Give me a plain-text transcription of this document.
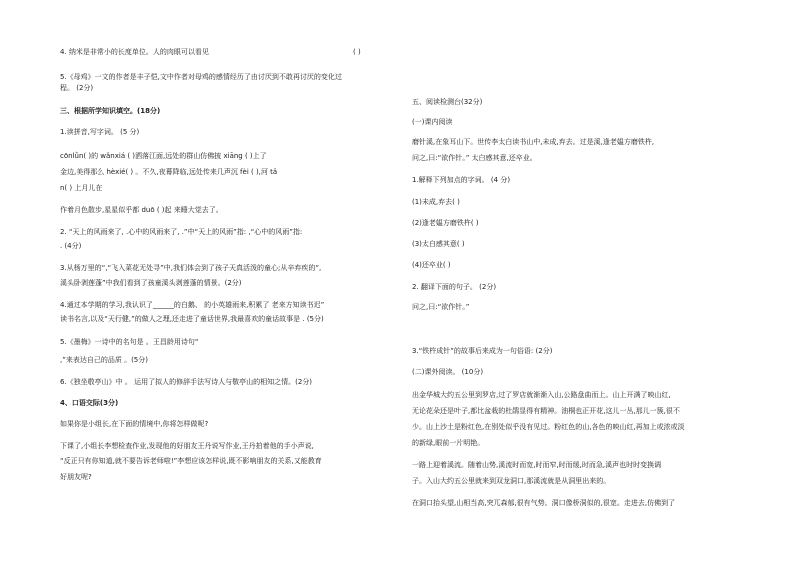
4. 纳米是非常小的长度单位。人的肉眼可以看见	( )
5.《母鸡》一文的作者是丰子恺,文中作者对母鸡的感情经历了由讨厌到不敢再讨厌的变化过
程。 (2分)
三、根据所学知识填空。(18分)
1.读拼音,写字词。 (5 分)
cōnlǜn( )的 wǎnxiá ( )洒落江面,远处的群山仿佛披 xiāng ( )上了
金边,美得那么 hèxié( ) 。不久,夜幕降临,远处传来几声沉 fèi ( ),河 tǎ
n( ) 上月儿在
作着月色散步,星星似乎都 duō ( )起 来睡大觉去了。
2. “天上的风雨来了, .心中的风雨来了, .”中“天上的风雨”指: ,“心中的风雨”指:
. (4分)
3.从杨万里的“,“飞入菜花无处寻”中,我们体会到了孩子天真活泼的童心;从辛弃疾的“,
溪头卧剥莲蓬”中我们看到了孩童溪头剥莲蓬的情景。(2分)
4.通过本学期的学习,我认识了______的白鹅、 的小英雄雨来,积累了 老来方知读书迟”
读书名言,以及“天行健,”的做人之理,还走进了童话世界,我最喜欢的童话故事是 . (5分)
5.《墨梅》一诗中的名句是 。王昌龄用诗句“
,”来表达自己的品质 。(5分)
6.《独坐敬亭山》中 。 运用了拟人的修辞手法写诗人与敬亭山的相知之情。(2分)
4、口语交际(3分)
如果你是小组长,在下面的情境中,你将怎样做呢?
下课了,小组长李想检查作业,发现他的好朋友王丹说写作业,王丹拍着他的手小声说,
“反正只有你知道,就不要告诉老师啦!”李想应该怎样说,既不影响朋友的关系,又能教育
好朋友呢?
五、阅读检测台(32分)
(一)课内阅读
磨针溪,在象耳山下。世传李太白读书山中,未成,弃去。过是溪,逢老媪方磨铁杵,
问之,曰:“欲作针。” 太白感其意,还卒业。
1.解释下列加点的字词。 (4 分)
(1)未成,弃去( )
(2)逢老媪方磨铁杵( )
(3)太白感其意( )
(4)还卒业( )
2. 翻译下面的句子。 (2分)
问之,曰:“欲作针。”
3.“铁杵成针”的故事后来成为一句俗语: (2分)
(二)课外阅读。 (10分)
出金华城大约五公里到罗店,过了罗店就渐渐入山,公路盘曲而上。山上开满了映山红,
无论花朵还是叶子,都比盆栽的杜鹃显得有精神。油桐也正开花,这儿一丛,那儿一簇,很不
少。山上沙土是粉红色,在别处似乎没有见过。粉红色的山,各色的映山红,再加上或浓或淡
的新绿,眼前一片明艳。
一路上迎着溪流。随着山势,溪流时而宽,时而窄,时而缓,时而急,溪声也时时变换调
子。入山大约五公里就来到双龙洞口,那溪流就是从洞里出来的。
在洞口抬头望,山相当高,突兀森郁,很有气势。洞口像桥洞似的,很宽。走进去,仿佛到了
